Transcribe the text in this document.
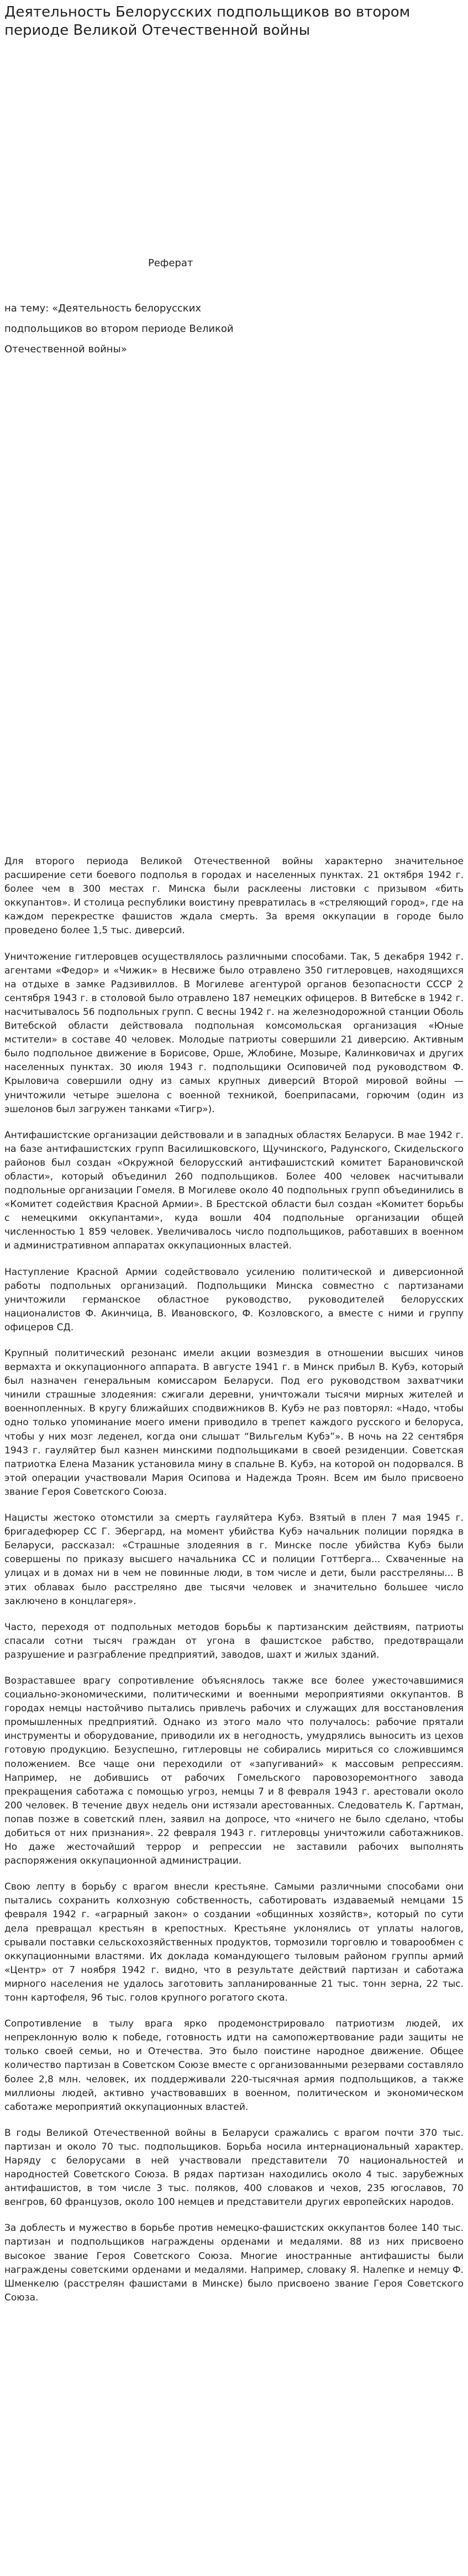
Деятельность Белорусских подпольщиков во втором периоде Великой Отечественной войны
Реферат
на тему: «Деятельность белорусских
подпольщиков во втором периоде Великой
Отечественной войны»

Для второго периода Великой Отечественной войны характерно значительное расширение сети боевого подполья в городах и населенных пунктах. 21 октября 1942 г. более чем в 300 местах г. Минска были расклеены листовки с призывом «бить оккупантов». И столица республики воистину превратилась в «стреляющий город», где на каждом перекрестке фашистов ждала смерть. За время оккупации в городе было проведено более 1,5 тыс. диверсий.

Уничтожение гитлеровцев осуществлялось различными способами. Так, 5 декабря 1942 г. агентами «Федор» и «Чижик» в Несвиже было отравлено 350 гитлеровцев, находящихся на отдыхе в замке Радзивиллов. В Могилеве агентурой органов безопасности СССР 2 сентября 1943 г. в столовой было отравлено 187 немецких офицеров. В Витебске в 1942 г. насчитывалось 56 подпольных групп. С весны 1942 г. на железнодорожной станции Оболь Витебской области действовала подпольная комсомольская организация «Юные мстители» в составе 40 человек. Молодые патриоты совершили 21 диверсию. Активным было подпольное движение в Борисове, Орше, Жлобине, Мозыре, Калинковичах и других населенных пунктах. 30 июля 1943 г. подпольщики Осиповичей под руководством Ф. Крыловича совершили одну из самых крупных диверсий Второй мировой войны — уничтожили четыре эшелона с военной техникой, боеприпасами, горючим (один из эшелонов был загружен танками «Тигр»).

Антифашистские организации действовали и в западных областях Беларуси. В мае 1942 г. на базе антифашистских групп Василишковского, Щучинского, Радунского, Скидельского районов был создан «Окружной белорусский антифашистский комитет Барановичской области», который объединил 260 подпольщиков. Более 400 человек насчитывали подпольные организации Гомеля. В Могилеве около 40 подпольных групп объединились в «Комитет содействия Красной Армии». В Брестской области был создан «Комитет борьбы с немецкими оккупантами», куда вошли 404 подпольные организации общей численностью 1 859 человек. Увеличивалось число подпольщиков, работавших в военном и административном аппаратах оккупационных властей.

Наступление Красной Армии содействовало усилению политической и диверсионной работы подпольных организаций. Подпольщики Минска совместно с партизанами уничтожили германское областное руководство, руководителей белорусских националистов Ф. Акинчица, В. Ивановского, Ф. Козловского, а вместе с ними и группу офицеров СД.

Крупный политический резонанс имели акции возмездия в отношении высших чинов вермахта и оккупационного аппарата. В августе 1941 г. в Минск прибыл В. Кубэ, который был назначен генеральным комиссаром Беларуси. Под его руководством захватчики чинили страшные злодеяния: сжигали деревни, уничтожали тысячи мирных жителей и военнопленных. В кругу ближайших сподвижников В. Кубэ не раз повторял: «Надо, чтобы одно только упоминание моего имени приводило в трепет каждого русского и белоруса, чтобы у них мозг леденел, когда они слышат “Вильгельм Кубэ”». В ночь на 22 сентября 1943 г. гауляйтер был казнен минскими подпольщиками в своей резиденции. Советская патриотка Елена Мазаник установила мину в спальне В. Кубэ, на которой он подорвался. В этой операции участвовали Мария Осипова и Надежда Троян. Всем им было присвоено звание Героя Советского Союза.

Нацисты жестоко отомстили за смерть гауляйтера Кубэ. Взятый в плен 7 мая 1945 г. бригадефюрер СС Г. Эбергард, на момент убийства Кубэ начальник полиции порядка в Беларуси, рассказал: «Страшные злодеяния в г. Минске после убийства Кубэ были совершены по приказу высшего начальника СС и полиции Готтберга... Схваченные на улицах и в домах ни в чем не повинные люди, в том числе и дети, были расстреляны... В этих облавах было расстреляно две тысячи человек и значительно большее число заключено в концлагеря».

Часто, переходя от подпольных методов борьбы к партизанским действиям, патриоты спасали сотни тысяч граждан от угона в фашистское рабство, предотвращали разрушение и разграбление предприятий, заводов, шахт и жилых зданий.

Возраставшее врагу сопротивление объяснялось также все более ужесточавшимися социально-экономическими, политическими и военными мероприятиями оккупантов. В городах немцы настойчиво пытались привлечь рабочих и служащих для восстановления промышленных предприятий. Однако из этого мало что получалось: рабочие прятали инструменты и оборудование, приводили их в негодность, умудрялись выносить из цехов готовую продукцию. Безуспешно, гитлеровцы не собирались мириться со сложившимся положением. Все чаще они переходили от «запугиваний» к массовым репрессиям. Например, не добившись от рабочих Гомельского паровозоремонтного завода прекращения саботажа с помощью угроз, немцы 7 и 8 февраля 1943 г. арестовали около 200 человек. В течение двух недель они истязали арестованных. Следователь К. Гартман, попав позже в советский плен, заявил на допросе, что «ничего не было сделано, чтобы добиться от них признания». 22 февраля 1943 г. гитлеровцы уничтожили саботажников. Но даже жесточайший террор и репрессии не заставили рабочих выполнять распоряжения оккупационной администрации.

Свою лепту в борьбу с врагом внесли крестьяне. Самыми различными способами они пытались сохранить колхозную собственность, саботировать издаваемый немцами 15 февраля 1942 г. «аграрный закон» о создании «общинных хозяйств», который по сути дела превращал крестьян в крепостных. Крестьяне уклонялись от уплаты налогов, срывали поставки сельскохозяйственных продуктов, тормозили торговлю и товарообмен с оккупационными властями. Их доклада командующего тыловым районом группы армий «Центр» от 7 ноября 1942 г. видно, что в результате действий партизан и саботажа мирного населения не удалось заготовить запланированные 21 тыс. тонн зерна, 22 тыс. тонн картофеля, 96 тыс. голов крупного рогатого скота.

Сопротивление в тылу врага ярко продемонстрировало патриотизм людей, их непреклонную волю к победе, готовность идти на самопожертвование ради защиты не только своей семьи, но и Отечества. Это было поистине народное движение. Общее количество партизан в Советском Союзе вместе с организованными резервами составляло более 2,8 млн. человек, их поддерживали 220-тысячная армия подпольщиков, а также миллионы людей, активно участвовавших в военном, политическом и экономическом саботаже мероприятий оккупационных властей.

В годы Великой Отечественной войны в Беларуси сражались с врагом почти 370 тыс. партизан и около 70 тыс. подпольщиков. Борьба носила интернациональный характер. Наряду с белорусами в ней участвовали представители 70 национальностей и народностей Советского Союза. В рядах партизан находились около 4 тыс. зарубежных антифашистов, в том числе 3 тыс. поляков, 400 словаков и чехов, 235 югославов, 70 венгров, 60 французов, около 100 немцев и представители других европейских народов.

За доблесть и мужество в борьбе против немецко-фашистских оккупантов более 140 тыс. партизан и подпольщиков награждены орденами и медалями. 88 из них присвоено высокое звание Героя Советского Союза. Многие иностранные антифашисты были награждены советскими орденами и медалями. Например, словаку Я. Налепке и немцу Ф. Шменкелю (расстрелян фашистами в Минске) было присвоено звание Героя Советского Союза.
